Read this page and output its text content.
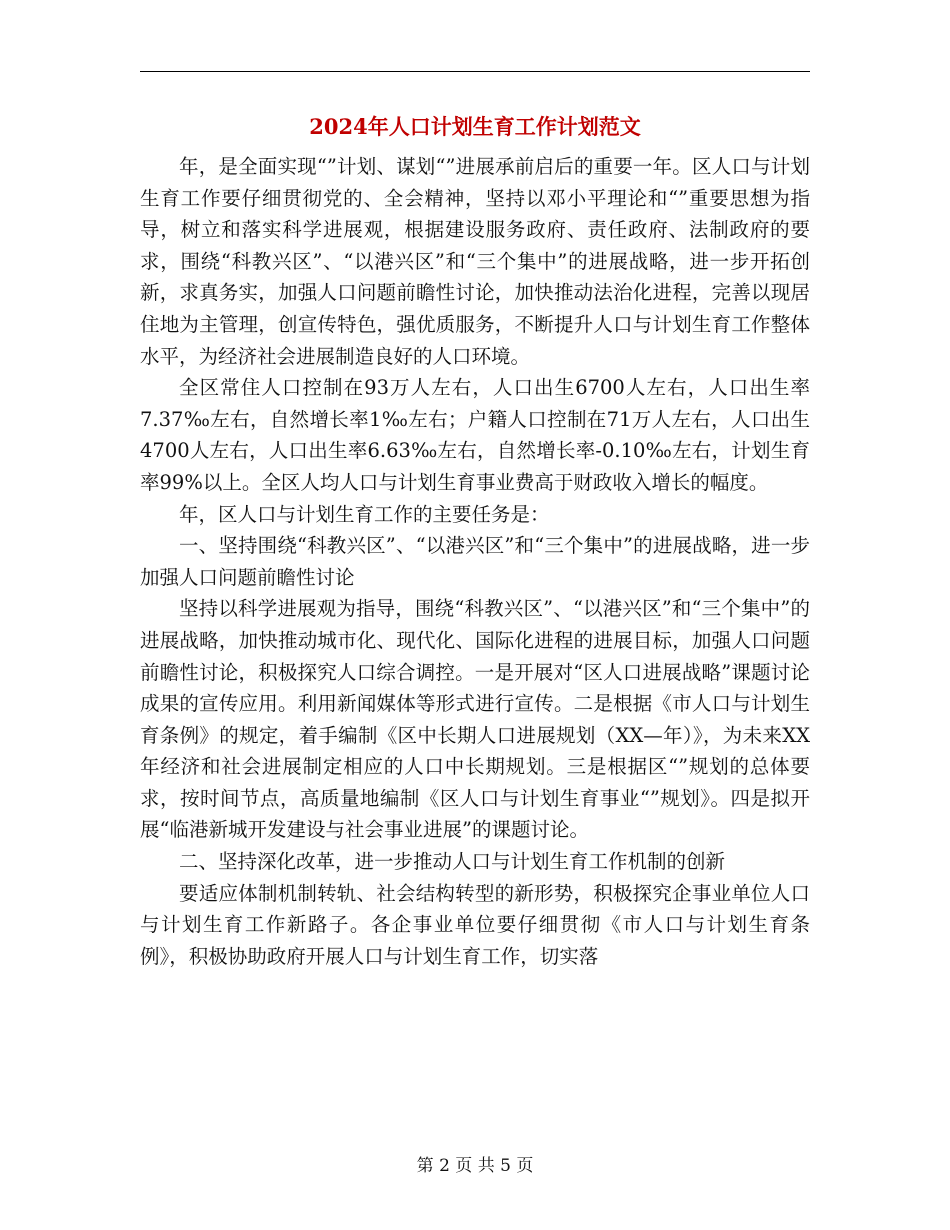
2024年人口计划生育工作计划范文

年，是全面实现“”计划、谋划“”进展承前启后的重要一年。区人口与计划生育工作要仔细贯彻党的、全会精神，坚持以邓小平理论和“”重要思想为指导，树立和落实科学进展观，根据建设服务政府、责任政府、法制政府的要求，围绕“科教兴区”、“以港兴区”和“三个集中”的进展战略，进一步开拓创新，求真务实，加强人口问题前瞻性讨论，加快推动法治化进程，完善以现居住地为主管理，创宣传特色，强优质服务，不断提升人口与计划生育工作整体水平，为经济社会进展制造良好的人口环境。

全区常住人口控制在93万人左右，人口出生6700人左右，人口出生率7.37‰左右，自然增长率1‰左右；户籍人口控制在71万人左右，人口出生4700人左右，人口出生率6.63‰左右，自然增长率-0.10‰左右，计划生育率99%以上。全区人均人口与计划生育事业费高于财政收入增长的幅度。

年，区人口与计划生育工作的主要任务是：

一、坚持围绕“科教兴区”、“以港兴区”和“三个集中”的进展战略，进一步加强人口问题前瞻性讨论

坚持以科学进展观为指导，围绕“科教兴区”、“以港兴区”和“三个集中”的进展战略，加快推动城市化、现代化、国际化进程的进展目标，加强人口问题前瞻性讨论，积极探究人口综合调控。一是开展对“区人口进展战略”课题讨论成果的宣传应用。利用新闻媒体等形式进行宣传。二是根据《市人口与计划生育条例》的规定，着手编制《区中长期人口进展规划（XX—年）》，为未来XX年经济和社会进展制定相应的人口中长期规划。三是根据区“”规划的总体要求，按时间节点，高质量地编制《区人口与计划生育事业“”规划》。四是拟开展“临港新城开发建设与社会事业进展”的课题讨论。

二、坚持深化改革，进一步推动人口与计划生育工作机制的创新

要适应体制机制转轨、社会结构转型的新形势，积极探究企事业单位人口与计划生育工作新路子。各企事业单位要仔细贯彻《市人口与计划生育条例》，积极协助政府开展人口与计划生育工作，切实落

第 2 页 共 5 页
